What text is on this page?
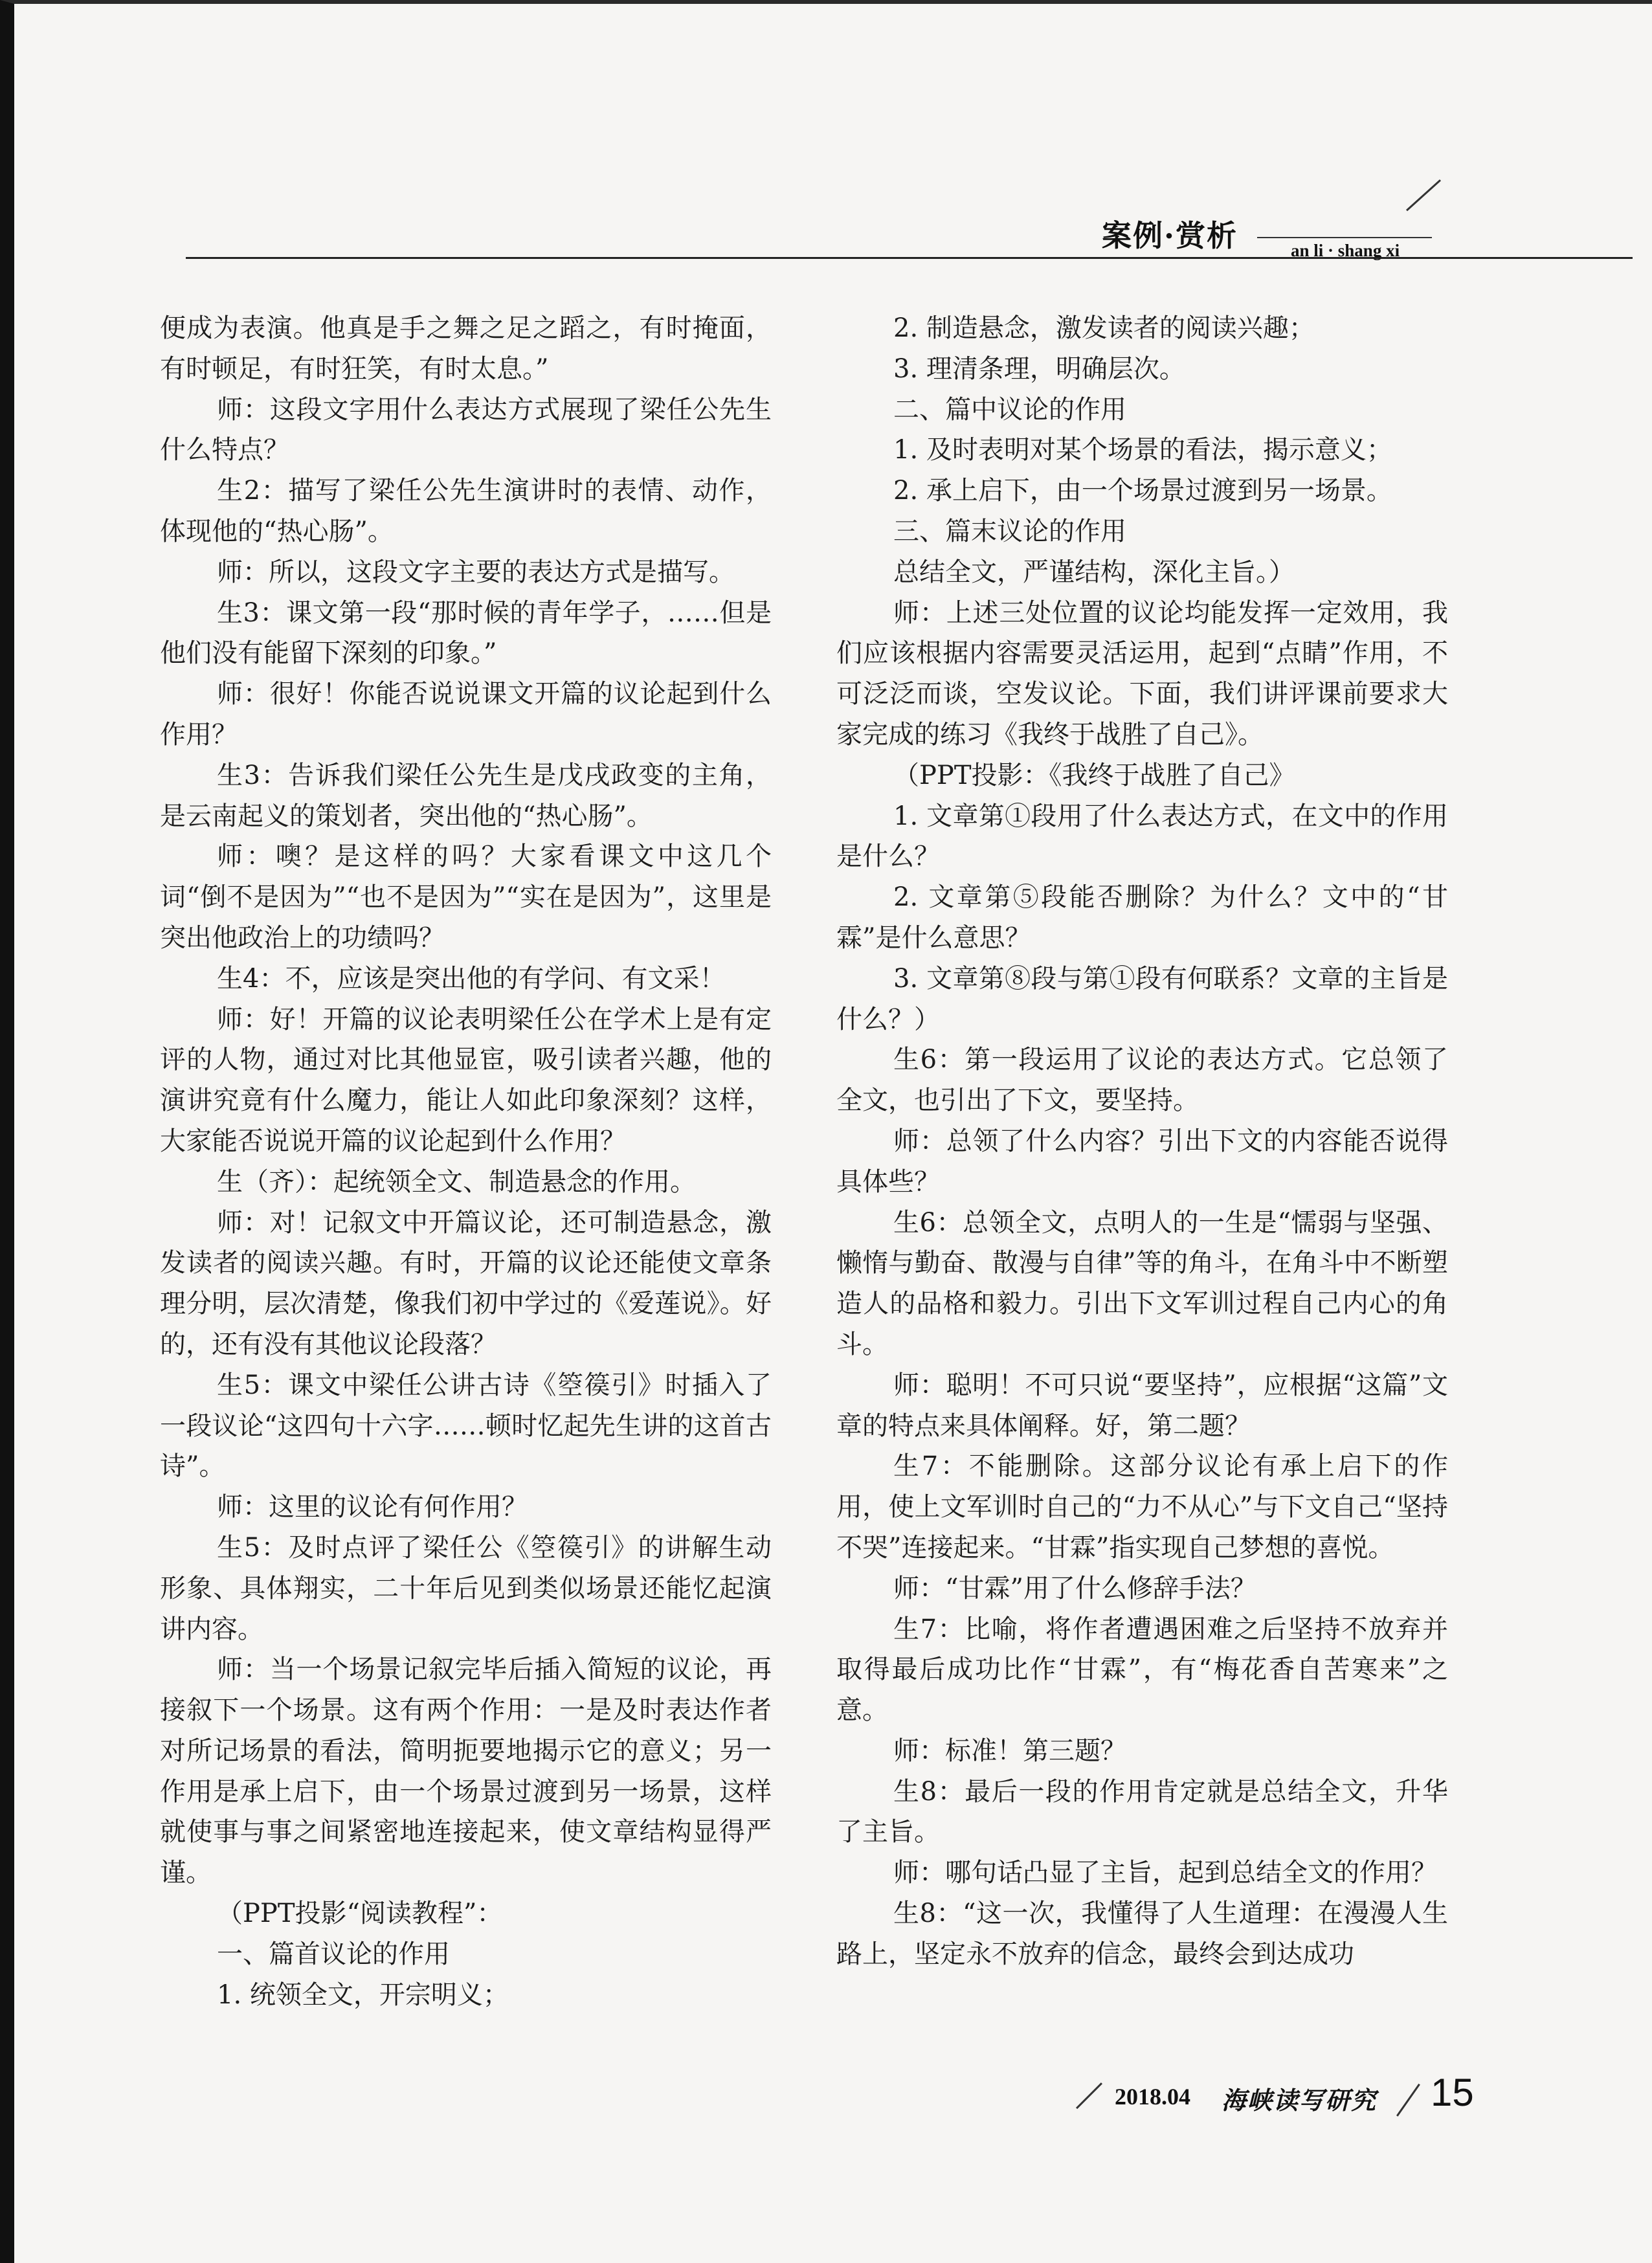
案例·赏析	an li · shang xi

便成为表演。他真是手之舞之足之蹈之，有时掩面，有时顿足，有时狂笑，有时太息。”

师：这段文字用什么表达方式展现了梁任公先生什么特点？

生2：描写了梁任公先生演讲时的表情、动作，体现他的“热心肠”。

师：所以，这段文字主要的表达方式是描写。

生3：课文第一段“那时候的青年学子，……但是他们没有能留下深刻的印象。”

师：很好！你能否说说课文开篇的议论起到什么作用？

生3：告诉我们梁任公先生是戊戌政变的主角，是云南起义的策划者，突出他的“热心肠”。

师：噢？是这样的吗？大家看课文中这几个词“倒不是因为”“也不是因为”“实在是因为”，这里是突出他政治上的功绩吗？

生4：不，应该是突出他的有学问、有文采！

师：好！开篇的议论表明梁任公在学术上是有定评的人物，通过对比其他显宦，吸引读者兴趣，他的演讲究竟有什么魔力，能让人如此印象深刻？这样，大家能否说说开篇的议论起到什么作用？

生（齐）：起统领全文、制造悬念的作用。

师：对！记叙文中开篇议论，还可制造悬念，激发读者的阅读兴趣。有时，开篇的议论还能使文章条理分明，层次清楚，像我们初中学过的《爱莲说》。好的，还有没有其他议论段落？

生5：课文中梁任公讲古诗《箜篌引》时插入了一段议论“这四句十六字……顿时忆起先生讲的这首古诗”。

师：这里的议论有何作用？

生5：及时点评了梁任公《箜篌引》的讲解生动形象、具体翔实，二十年后见到类似场景还能忆起演讲内容。

师：当一个场景记叙完毕后插入简短的议论，再接叙下一个场景。这有两个作用：一是及时表达作者对所记场景的看法，简明扼要地揭示它的意义；另一作用是承上启下，由一个场景过渡到另一场景，这样就使事与事之间紧密地连接起来，使文章结构显得严谨。

（PPT投影“阅读教程”：

一、篇首议论的作用

1. 统领全文，开宗明义；

2. 制造悬念，激发读者的阅读兴趣；

3. 理清条理，明确层次。

二、篇中议论的作用

1. 及时表明对某个场景的看法，揭示意义；

2. 承上启下，由一个场景过渡到另一场景。

三、篇末议论的作用

总结全文，严谨结构，深化主旨。）

师：上述三处位置的议论均能发挥一定效用，我们应该根据内容需要灵活运用，起到“点睛”作用，不可泛泛而谈，空发议论。下面，我们讲评课前要求大家完成的练习《我终于战胜了自己》。

（PPT投影：《我终于战胜了自己》

1. 文章第①段用了什么表达方式，在文中的作用是什么？

2. 文章第⑤段能否删除？为什么？文中的“甘霖”是什么意思？

3. 文章第⑧段与第①段有何联系？文章的主旨是什么？）

生6：第一段运用了议论的表达方式。它总领了全文，也引出了下文，要坚持。

师：总领了什么内容？引出下文的内容能否说得具体些？

生6：总领全文，点明人的一生是“懦弱与坚强、懒惰与勤奋、散漫与自律”等的角斗，在角斗中不断塑造人的品格和毅力。引出下文军训过程自己内心的角斗。

师：聪明！不可只说“要坚持”，应根据“这篇”文章的特点来具体阐释。好，第二题？

生7：不能删除。这部分议论有承上启下的作用，使上文军训时自己的“力不从心”与下文自己“坚持不哭”连接起来。“甘霖”指实现自己梦想的喜悦。

师：“甘霖”用了什么修辞手法？

生7：比喻，将作者遭遇困难之后坚持不放弃并取得最后成功比作“甘霖”，有“梅花香自苦寒来”之意。

师：标准！第三题？

生8：最后一段的作用肯定就是总结全文，升华了主旨。

师：哪句话凸显了主旨，起到总结全文的作用？

生8：“这一次，我懂得了人生道理：在漫漫人生路上，坚定永不放弃的信念，最终会到达成功

2018.04 海峡读写研究 15
